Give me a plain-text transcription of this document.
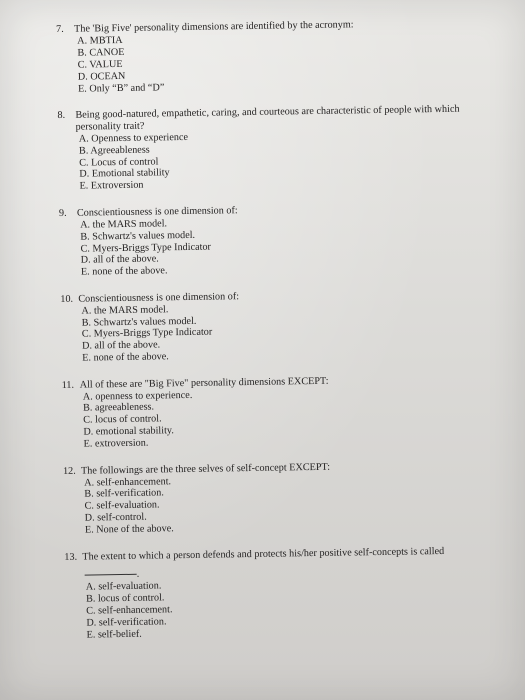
7. The 'Big Five' personality dimensions are identified by the acronym:
A. MBTIA
B. CANOE
C. VALUE
D. OCEAN
E. Only “B” and “D”
8. Being good-natured, empathetic, caring, and courteous are characteristic of people with which personality trait?
A. Openness to experience
B. Agreeableness
C. Locus of control
D. Emotional stability
E. Extroversion
9. Conscientiousness is one dimension of:
A. the MARS model.
B. Schwartz's values model.
C. Myers-Briggs Type Indicator
D. all of the above.
E. none of the above.
10. Conscientiousness is one dimension of:
A. the MARS model.
B. Schwartz's values model.
C. Myers-Briggs Type Indicator
D. all of the above.
E. none of the above.
11. All of these are "Big Five" personality dimensions EXCEPT:
A. openness to experience.
B. agreeableness.
C. locus of control.
D. emotional stability.
E. extroversion.
12. The followings are the three selves of self-concept EXCEPT:
A. self-enhancement.
B. self-verification.
C. self-evaluation.
D. self-control.
E. None of the above.
13. The extent to which a person defends and protects his/her positive self-concepts is called
.
A. self-evaluation.
B. locus of control.
C. self-enhancement.
D. self-verification.
E. self-belief.
